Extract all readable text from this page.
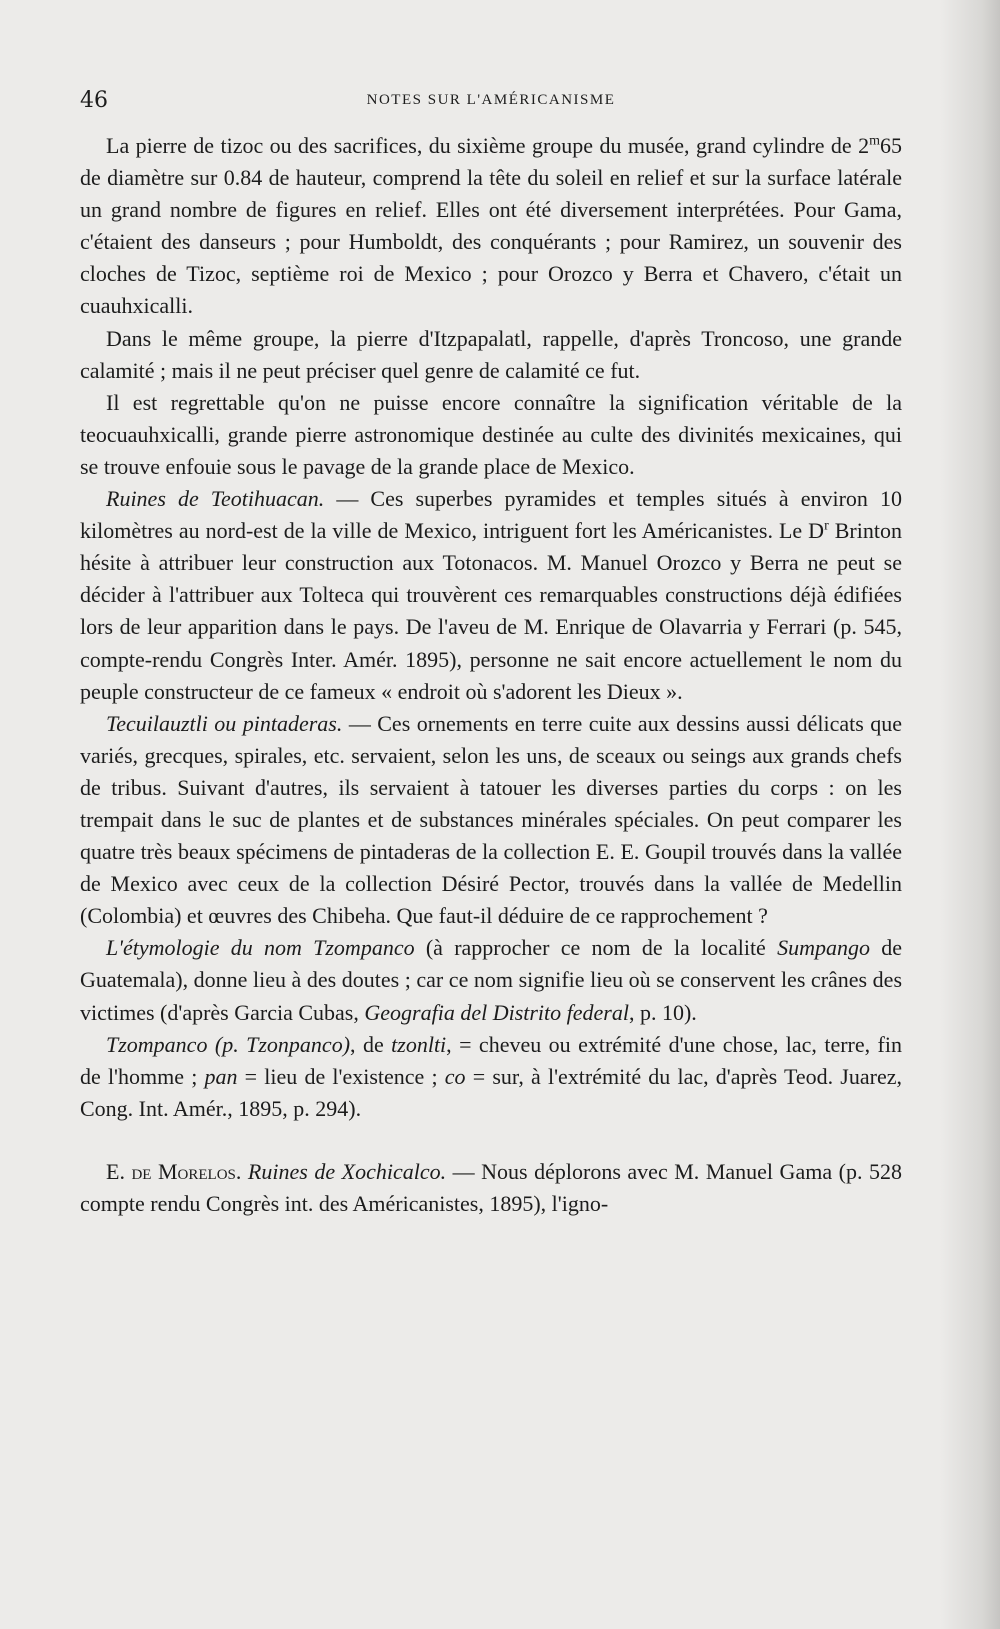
46	NOTES SUR L'AMÉRICANISME

La pierre de tizoc ou des sacrifices, du sixième groupe du musée, grand cylindre de 2$^m$65 de diamètre sur 0.84 de hauteur, comprend la tête du soleil en relief et sur la surface latérale un grand nombre de figures en relief. Elles ont été diversement interprétées. Pour Gama, c'étaient des danseurs ; pour Humboldt, des conquérants ; pour Ramirez, un souvenir des cloches de Tizoc, septième roi de Mexico ; pour Orozco y Berra et Chavero, c'était un cuauhxicalli.

Dans le même groupe, la pierre d'Itzpapalatl, rappelle, d'après Troncoso, une grande calamité ; mais il ne peut préciser quel genre de calamité ce fut.

Il est regrettable qu'on ne puisse encore connaître la signification véritable de la teocuauhxicalli, grande pierre astronomique destinée au culte des divinités mexicaines, qui se trouve enfouie sous le pavage de la grande place de Mexico.

Ruines de Teotihuacan. — Ces superbes pyramides et temples situés à environ 10 kilomètres au nord-est de la ville de Mexico, intriguent fort les Américanistes. Le $D^r$ Brinton hésite à attribuer leur construction aux Totonacos. M. Manuel Orozco y Berra ne peut se décider à l'attribuer aux Tolteca qui trouvèrent ces remarquables constructions déjà édifiées lors de leur apparition dans le pays. De l'aveu de M. Enrique de Olavarria y Ferrari (p. 545, compte-rendu Congrès Inter. Amér. 1895), personne ne sait encore actuellement le nom du peuple constructeur de ce fameux « endroit où s'adorent les Dieux ».

Tecuilauztli ou pintaderas. — Ces ornements en terre cuite aux dessins aussi délicats que variés, grecques, spirales, etc. servaient, selon les uns, de sceaux ou seings aux grands chefs de tribus. Suivant d'autres, ils servaient à tatouer les diverses parties du corps : on les trempait dans le suc de plantes et de substances minérales spéciales. On peut comparer les quatre très beaux spécimens de pintaderas de la collection E. E. Goupil trouvés dans la vallée de Mexico avec ceux de la collection Désiré Pector, trouvés dans la vallée de Medellin (Colombia) et œuvres des Chibeha. Que faut-il déduire de ce rapprochement ?

L'étymologie du nom Tzompanco (à rapprocher ce nom de la localité Sumpango de Guatemala), donne lieu à des doutes ; car ce nom signifie lieu où se conservent les crânes des victimes (d'après Garcia Cubas, Geografia del Distrito federal, p. 10).

Tzompanco (p. Tzonpanco), de tzonlti, = cheveu ou extrémité d'une chose, lac, terre, fin de l'homme ; pan = lieu de l'existence ; co = sur, à l'extrémité du lac, d'après Teod. Juarez, Cong. Int. Amér., 1895, p. 294).

E. de Morelos. Ruines de Xochicalco. — Nous déplorons avec M. Manuel Gama (p. 528 compte rendu Congrès int. des Américanistes, 1895), l'igno-
